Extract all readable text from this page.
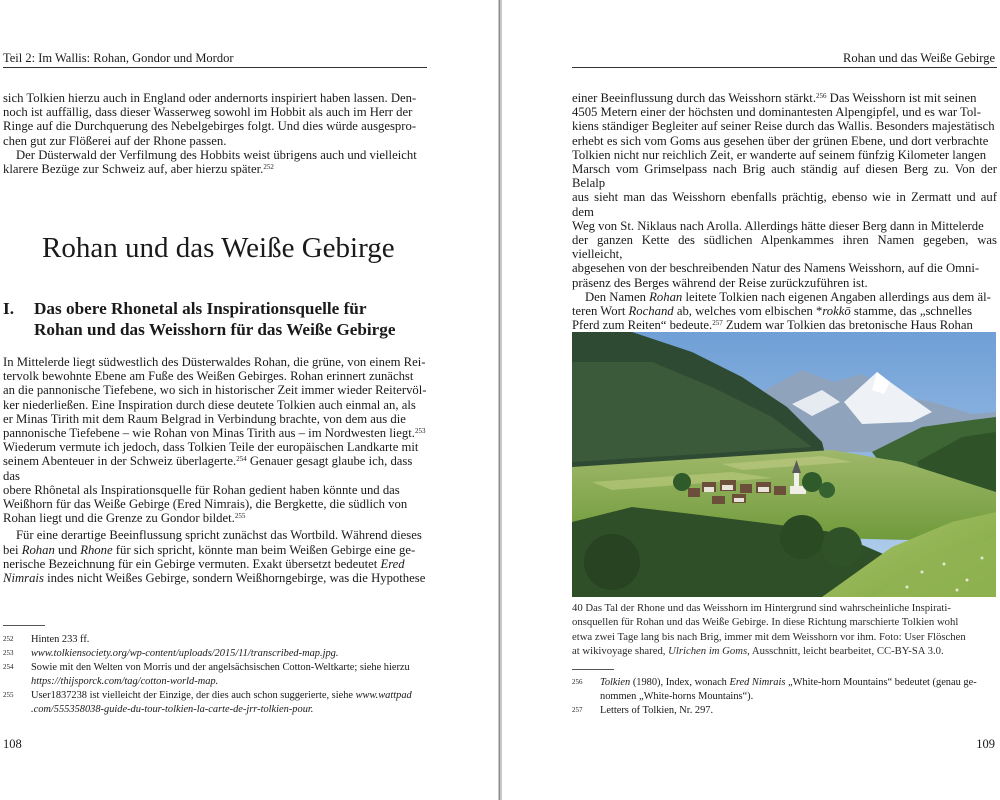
Teil 2: Im Wallis: Rohan, Gondor und Mordor

sich Tolkien hierzu auch in England oder andernorts inspiriert haben lassen. Den-

noch ist auffällig, dass dieser Wasserweg sowohl im Hobbit als auch im Herr der

Ringe auf die Durchquerung des Nebelgebirges folgt. Und dies würde ausgespro-

chen gut zur Flößerei auf der Rhone passen.

Der Düsterwald der Verfilmung des Hobbits weist übrigens auch und vielleicht

klarere Bezüge zur Schweiz auf, aber hierzu später.$^{252}$

Rohan und das Weiße Gebirge
I. Das obere Rhonetal als Inspirationsquelle für Rohan und das Weisshorn für das Weiße Gebirge

In Mittelerde liegt südwestlich des Düsterwaldes Rohan, die grüne, von einem Rei-

tervolk bewohnte Ebene am Fuße des Weißen Gebirges. Rohan erinnert zunächst

an die pannonische Tiefebene, wo sich in historischer Zeit immer wieder Reitervöl-

ker niederließen. Eine Inspiration durch diese deutete Tolkien auch einmal an, als

er Minas Tirith mit dem Raum Belgrad in Verbindung brachte, von dem aus die

pannonische Tiefebene – wie Rohan von Minas Tirith aus – im Nordwesten liegt.$^{253}$

Wiederum vermute ich jedoch, dass Tolkien Teile der europäischen Landkarte mit

seinem Abenteuer in der Schweiz überlagerte.$^{254}$ Genauer gesagt glaube ich, dass das

obere Rhônetal als Inspirationsquelle für Rohan gedient haben könnte und das

Weißhorn für das Weiße Gebirge (Ered Nimrais), die Bergkette, die südlich von

Rohan liegt und die Grenze zu Gondor bildet.$^{255}$

Für eine derartige Beeinflussung spricht zunächst das Wortbild. Während dieses

bei Rohan und Rhone für sich spricht, könnte man beim Weißen Gebirge eine ge-

nerische Bezeichnung für ein Gebirge vermuten. Exakt übersetzt bedeutet Ered

Nimrais indes nicht Weißes Gebirge, sondern Weißhorngebirge, was die Hypothese

252 Hinten 233 ff.
253 www.tolkiensociety.org/wp-content/uploads/2015/11/transcribed-map.jpg.
254 Sowie mit den Welten von Morris und der angelsächsischen Cotton-Weltkarte; siehe hierzu
https://thijsporck.com/tag/cotton-world-map.
255 User1837238 ist vielleicht der Einzige, der dies auch schon suggerierte, siehe www.wattpad
.com/555358038-guide-du-tour-tolkien-la-carte-de-jrr-tolkien-pour.
108
Rohan und das Weiße Gebirge

einer Beeinflussung durch das Weisshorn stärkt.$^{256}$ Das Weisshorn ist mit seinen

4505 Metern einer der höchsten und dominantesten Alpengipfel, und es war Tol-

kiens ständiger Begleiter auf seiner Reise durch das Wallis. Besonders majestätisch

erhebt es sich vom Goms aus gesehen über der grünen Ebene, und dort verbrachte

Tolkien nicht nur reichlich Zeit, er wanderte auf seinem fünfzig Kilometer langen

Marsch vom Grimselpass nach Brig auch ständig auf diesen Berg zu. Von der Belalp

aus sieht man das Weisshorn ebenfalls prächtig, ebenso wie in Zermatt und auf dem

Weg von St. Niklaus nach Arolla. Allerdings hätte dieser Berg dann in Mittelerde

der ganzen Kette des südlichen Alpenkammes ihren Namen gegeben, was vielleicht,

abgesehen von der beschreibenden Natur des Namens Weisshorn, auf die Omni-

präsenz des Berges während der Reise zurückzuführen ist.

Den Namen Rohan leitete Tolkien nach eigenen Angaben allerdings aus dem äl-

teren Wort Rochand ab, welches vom elbischen *rokkō stamme, das „schnelles

Pferd zum Reiten“ bedeute.$^{257}$ Zudem war Tolkien das bretonische Haus Rohan

40 Das Tal der Rhone und das Weisshorn im Hintergrund sind wahrscheinliche Inspirati-
onsquellen für Rohan und das Weiße Gebirge. In diese Richtung marschierte Tolkien wohl
etwa zwei Tage lang bis nach Brig, immer mit dem Weisshorn vor ihm. Foto: User Flöschen
at wikivoyage shared, Ulrichen im Goms, Ausschnitt, leicht bearbeitet, CC-BY-SA 3.0.
256 Tolkien (1980), Index, wonach Ered Nimrais „White-horn Mountains“ bedeutet (genau ge-
nommen „White-horns Mountains“).
257 Letters of Tolkien, Nr. 297.
109
